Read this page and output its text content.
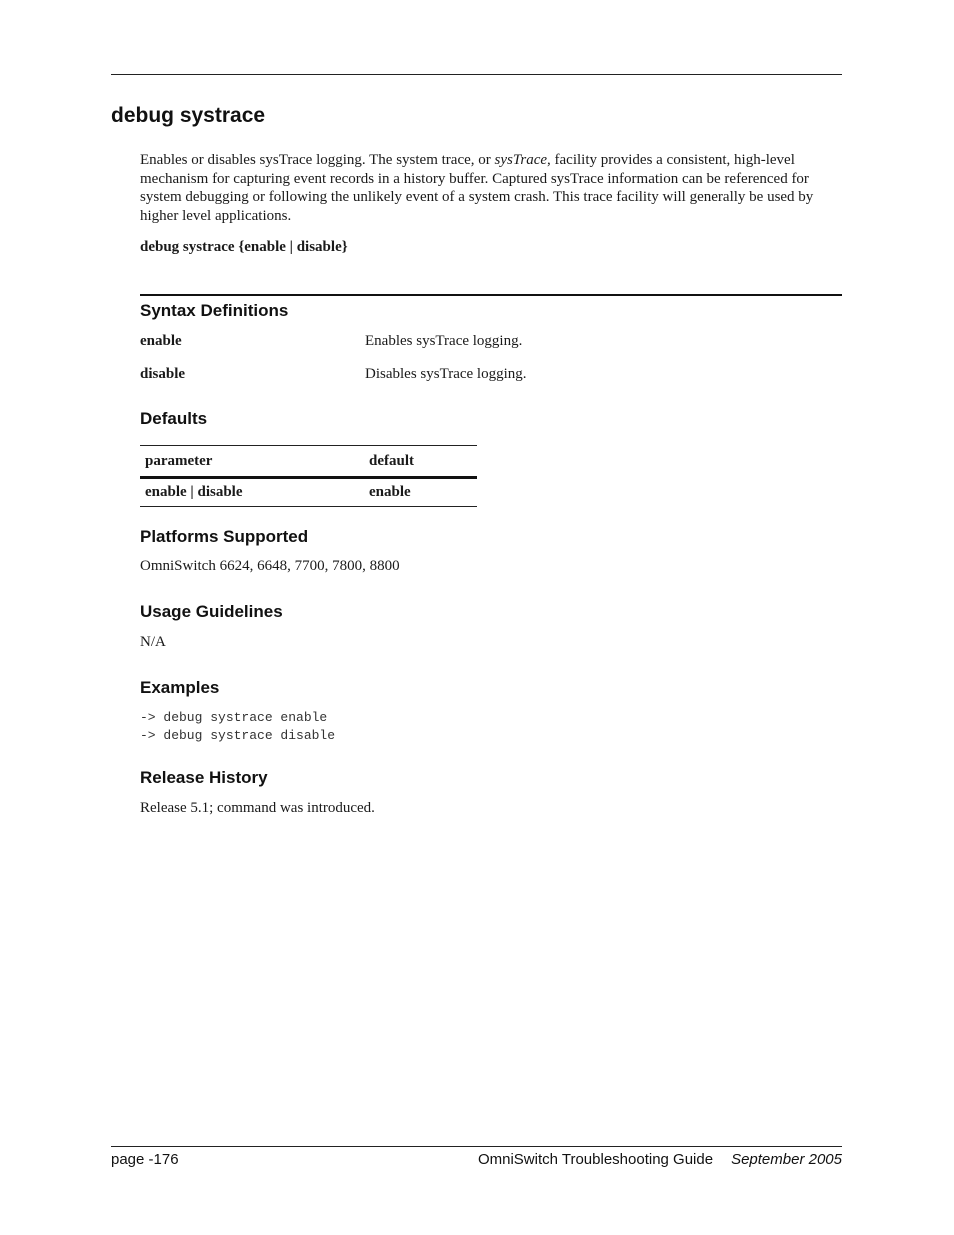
debug systrace

Enables or disables sysTrace logging. The system trace, or sysTrace, facility provides a consistent, high-level mechanism for capturing event records in a history buffer. Captured sysTrace information can be referenced for system debugging or following the unlikely event of a system crash. This trace facility will generally be used by higher level applications.

debug systrace {enable | disable}
Syntax Definitions
enable	Enables sysTrace logging.
disable	Disables sysTrace logging.
Defaults
parameter	default
enable | disable	enable
Platforms Supported
OmniSwitch 6624, 6648, 7700, 7800, 8800
Usage Guidelines
N/A
Examples
-> debug systrace enable
-> debug systrace disable
Release History
Release 5.1; command was introduced.
page -176	OmniSwitch Troubleshooting Guide September 2005
